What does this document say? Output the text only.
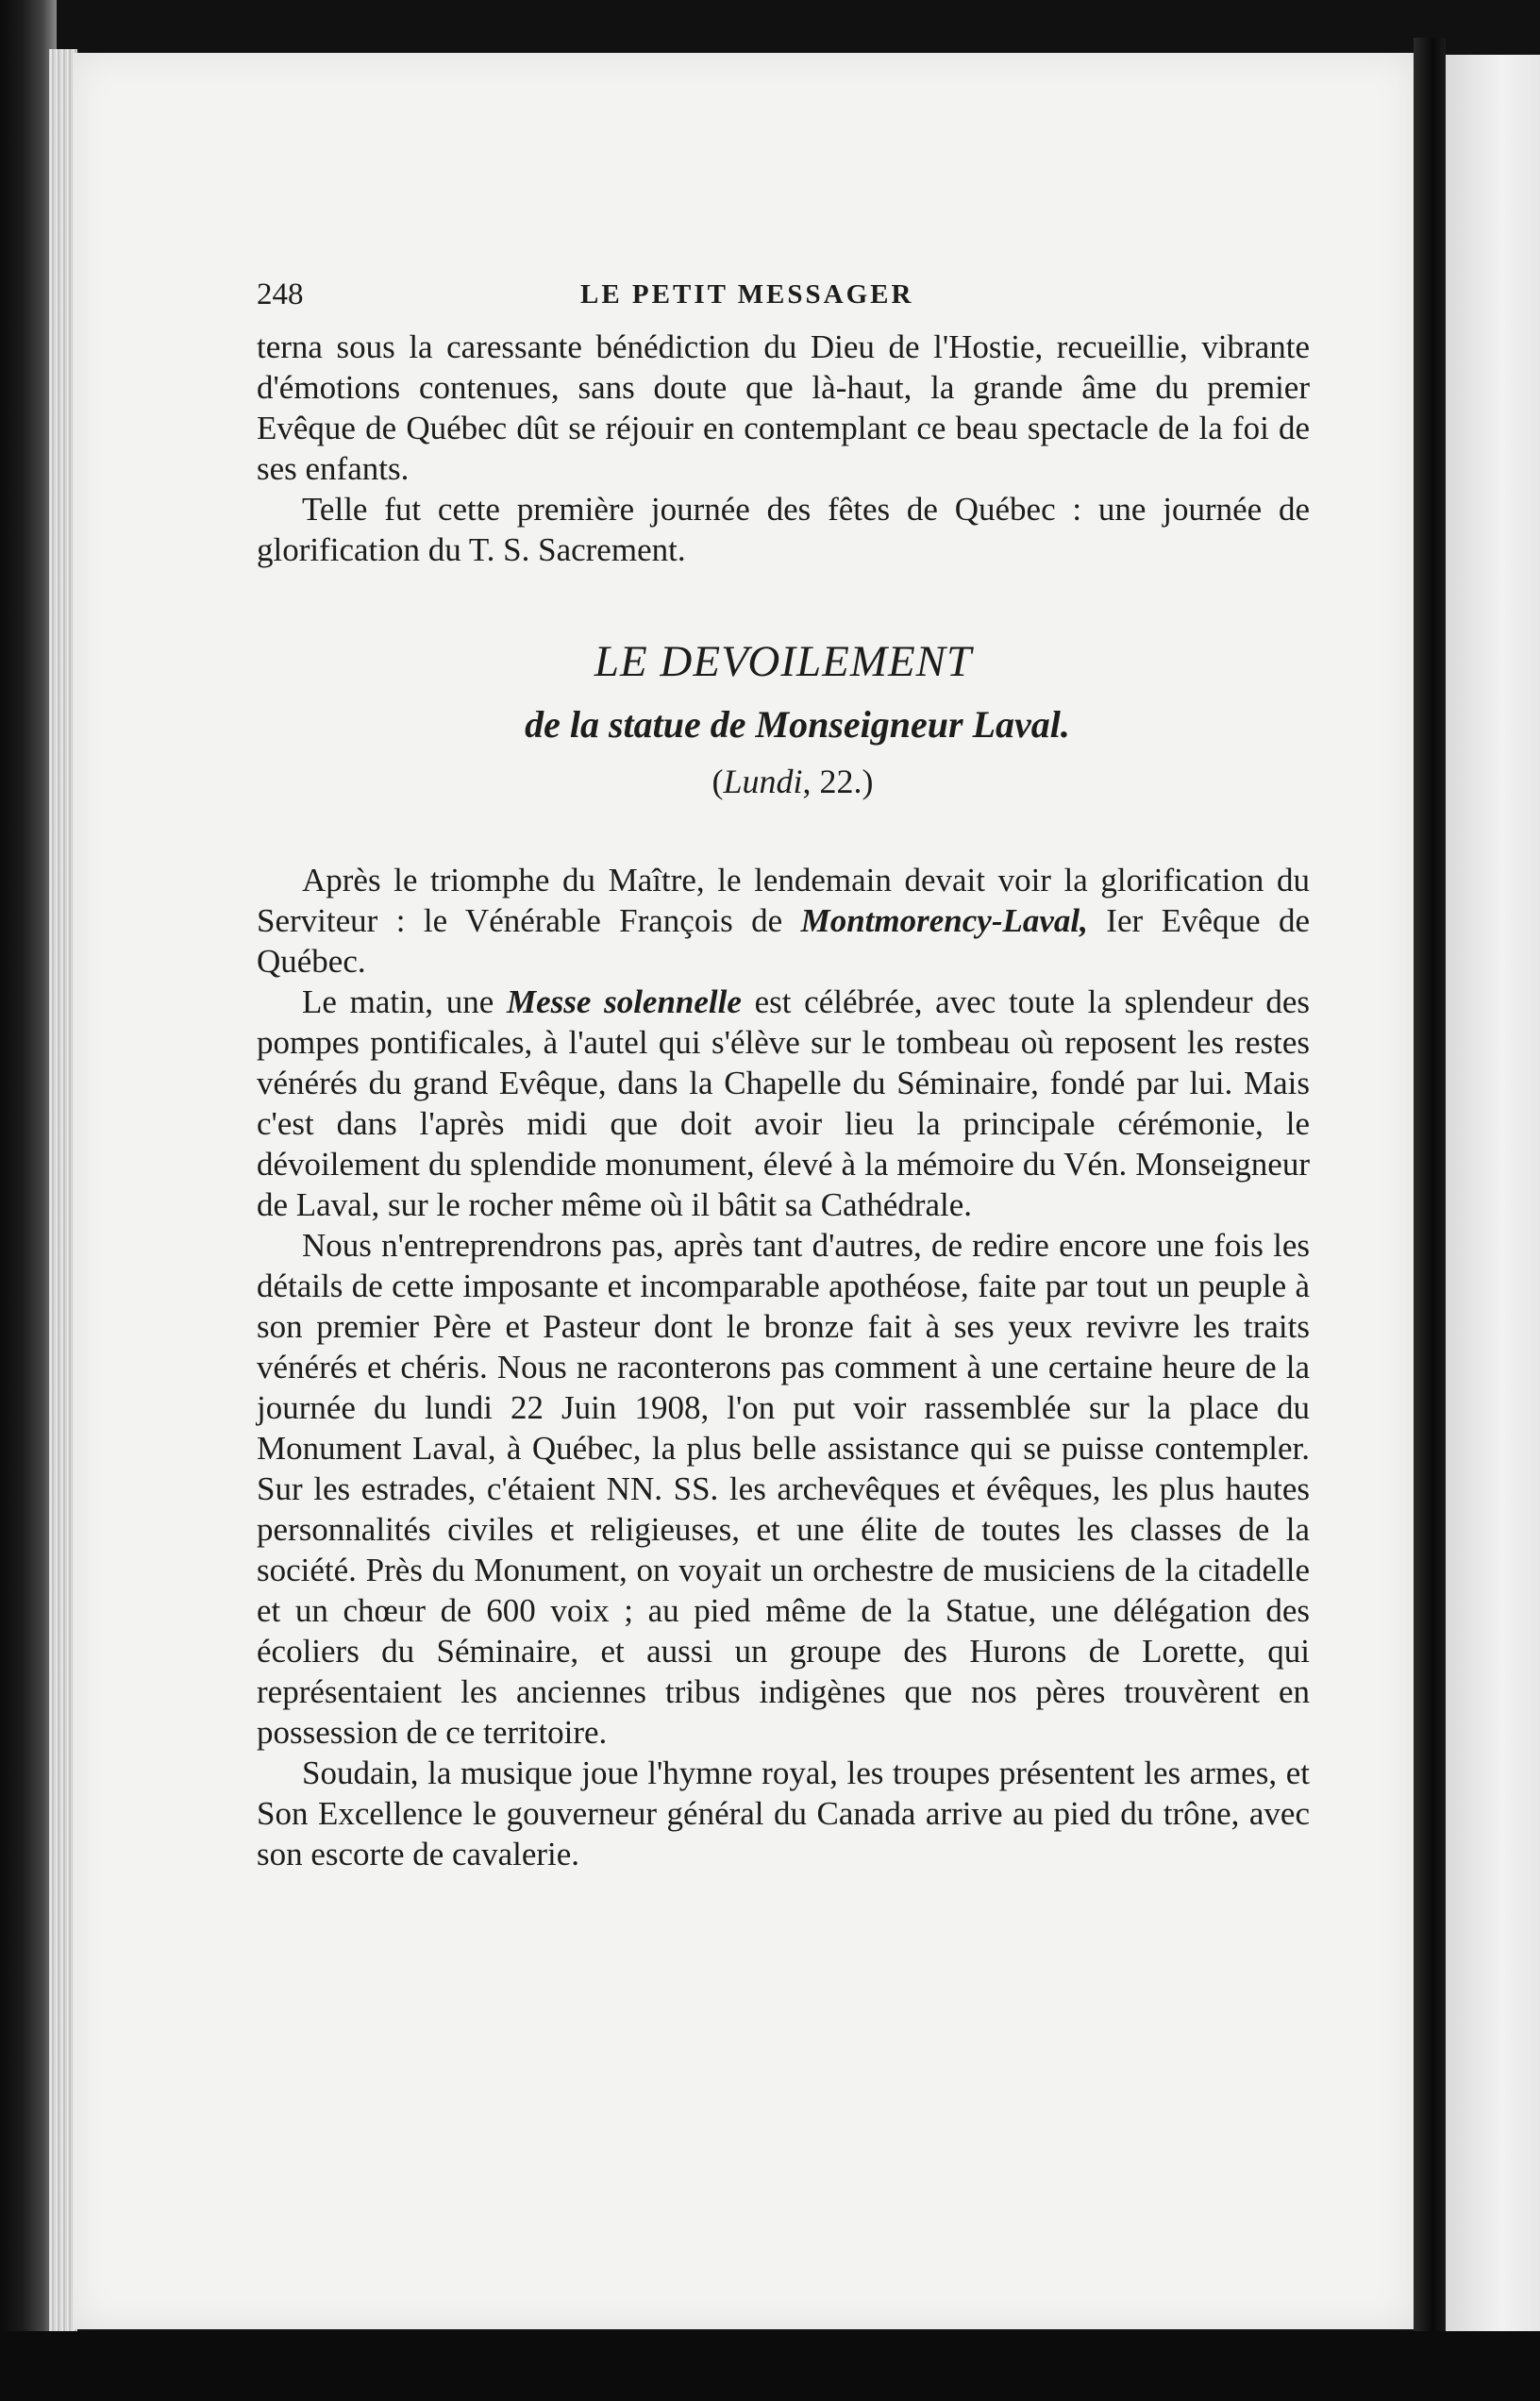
248	LE PETIT MESSAGER

terna sous la caressante bénédiction du Dieu de l'Hostie, recueillie, vibrante d'émotions contenues, sans doute que là-haut, la grande âme du premier Evêque de Québec dût se réjouir en contemplant ce beau spectacle de la foi de ses enfants.

Telle fut cette première journée des fêtes de Québec : une journée de glorification du T. S. Sacrement.

LE DEVOILEMENT
de la statue de Monseigneur Laval.
(Lundi, 22.)

Après le triomphe du Maître, le lendemain devait voir la glorification du Serviteur : le Vénérable François de Montmorency-Laval, Ier Evêque de Québec.

Le matin, une Messe solennelle est célébrée, avec toute la splendeur des pompes pontificales, à l'autel qui s'élève sur le tombeau où reposent les restes vénérés du grand Evêque, dans la Chapelle du Séminaire, fondé par lui. Mais c'est dans l'après midi que doit avoir lieu la principale cérémonie, le dévoilement du splendide monument, élevé à la mémoire du Vén. Monseigneur de Laval, sur le rocher même où il bâtit sa Cathédrale.

Nous n'entreprendrons pas, après tant d'autres, de redire encore une fois les détails de cette imposante et incomparable apothéose, faite par tout un peuple à son premier Père et Pasteur dont le bronze fait à ses yeux revivre les traits vénérés et chéris. Nous ne raconterons pas comment à une certaine heure de la journée du lundi 22 Juin 1908, l'on put voir rassemblée sur la place du Monument Laval, à Québec, la plus belle assistance qui se puisse contempler. Sur les estrades, c'étaient NN. SS. les archevêques et évêques, les plus hautes personnalités civiles et religieuses, et une élite de toutes les classes de la société. Près du Monument, on voyait un orchestre de musiciens de la citadelle et un chœur de 600 voix ; au pied même de la Statue, une délégation des écoliers du Séminaire, et aussi un groupe des Hurons de Lorette, qui représentaient les anciennes tribus indigènes que nos pères trouvèrent en possession de ce territoire.

Soudain, la musique joue l'hymne royal, les troupes présentent les armes, et Son Excellence le gouverneur général du Canada arrive au pied du trône, avec son escorte de cavalerie.
